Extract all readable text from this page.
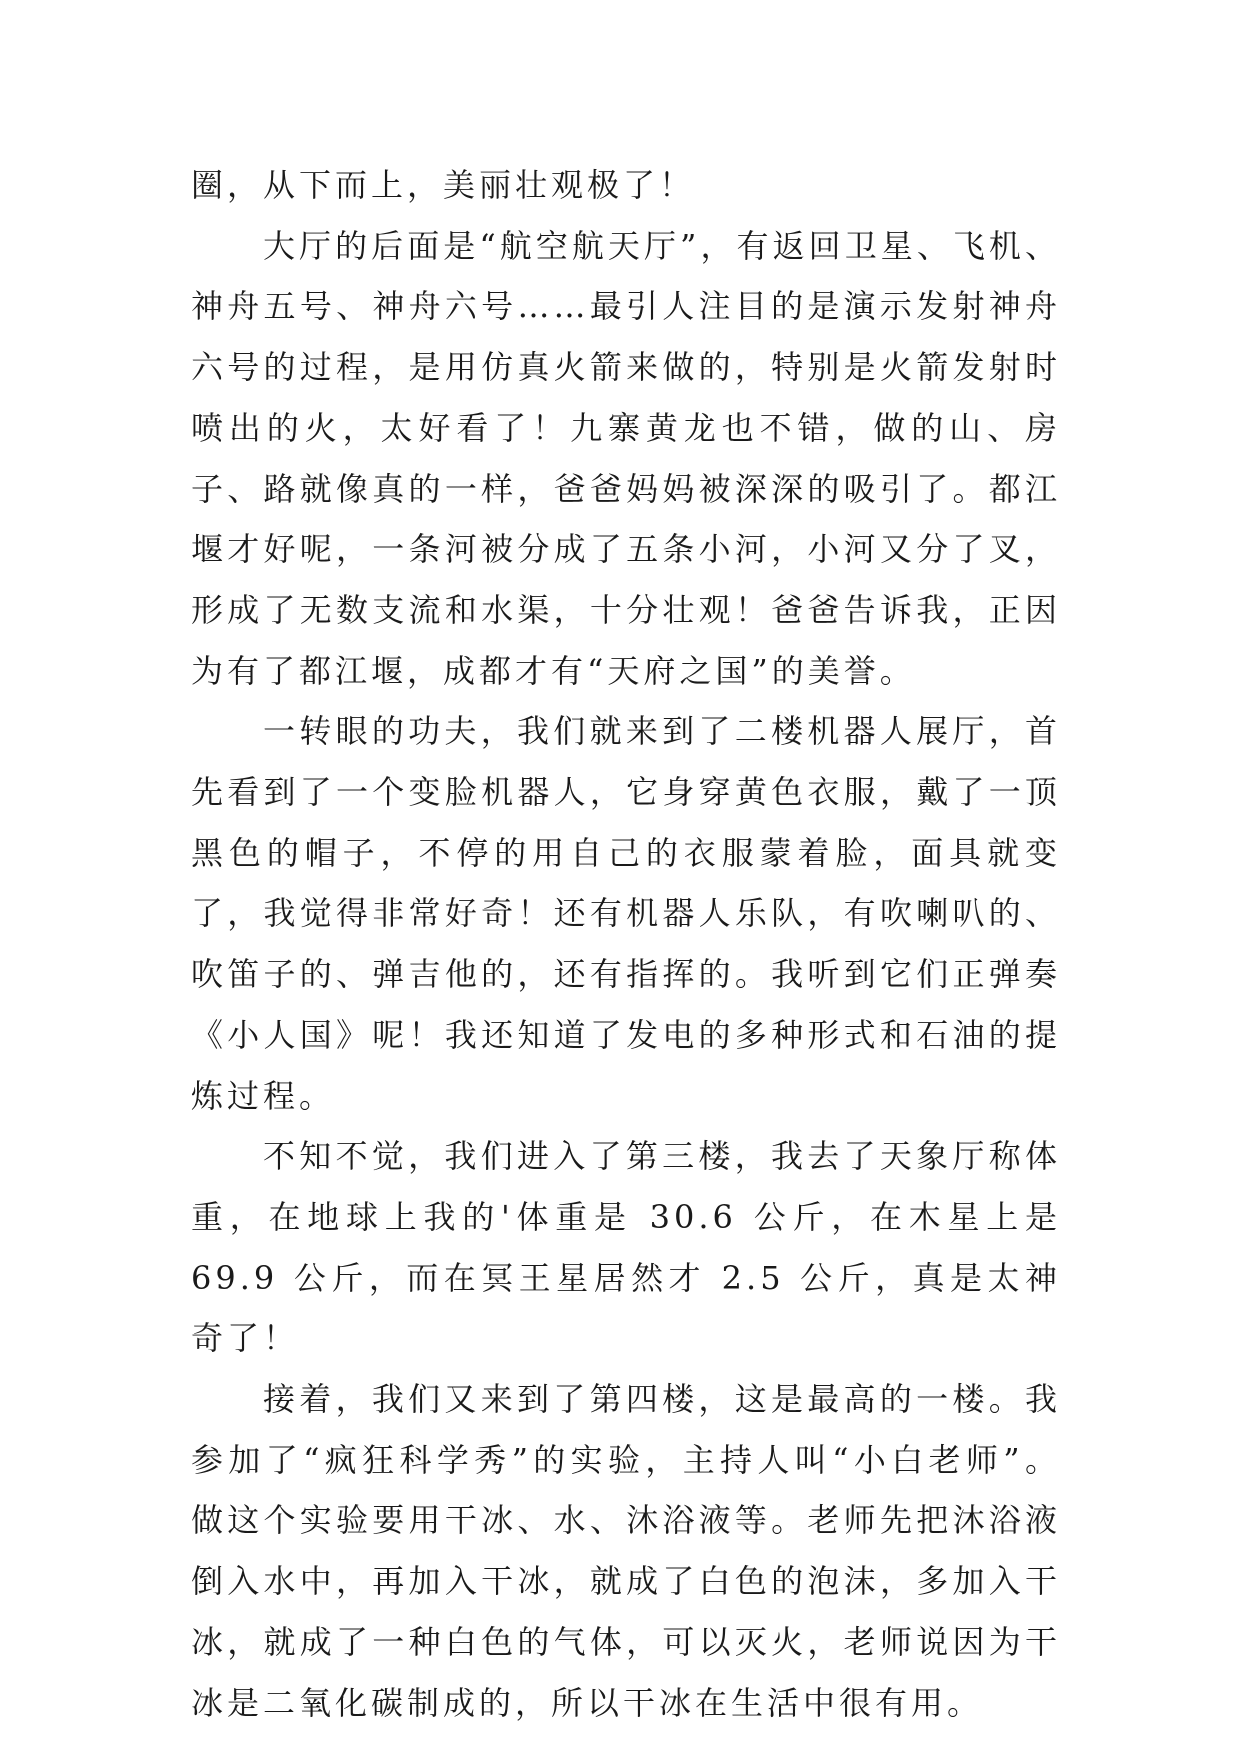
圈，从下而上，美丽壮观极了！

大厅的后面是“航空航天厅”，有返回卫星、飞机、神舟五号、神舟六号……最引人注目的是演示发射神舟六号的过程，是用仿真火箭来做的，特别是火箭发射时喷出的火，太好看了！九寨黄龙也不错，做的山、房子、路就像真的一样，爸爸妈妈被深深的吸引了。都江堰才好呢，一条河被分成了五条小河，小河又分了叉，形成了无数支流和水渠，十分壮观！爸爸告诉我，正因为有了都江堰，成都才有“天府之国”的美誉。

一转眼的功夫，我们就来到了二楼机器人展厅，首先看到了一个变脸机器人，它身穿黄色衣服，戴了一顶黑色的帽子，不停的用自己的衣服蒙着脸，面具就变了，我觉得非常好奇！还有机器人乐队，有吹喇叭的、吹笛子的、弹吉他的，还有指挥的。我听到它们正弹奏《小人国》呢！我还知道了发电的多种形式和石油的提炼过程。

不知不觉，我们进入了第三楼，我去了天象厅称体重，在地球上我的'体重是 30.6 公斤，在木星上是 69.9 公斤，而在冥王星居然才 2.5 公斤，真是太神奇了！

接着，我们又来到了第四楼，这是最高的一楼。我参加了“疯狂科学秀”的实验，主持人叫“小白老师”。做这个实验要用干冰、水、沐浴液等。老师先把沐浴液倒入水中，再加入干冰，就成了白色的泡沫，多加入干冰，就成了一种白色的气体，可以灭火，老师说因为干冰是二氧化碳制成的，所以干冰在生活中很有用。
